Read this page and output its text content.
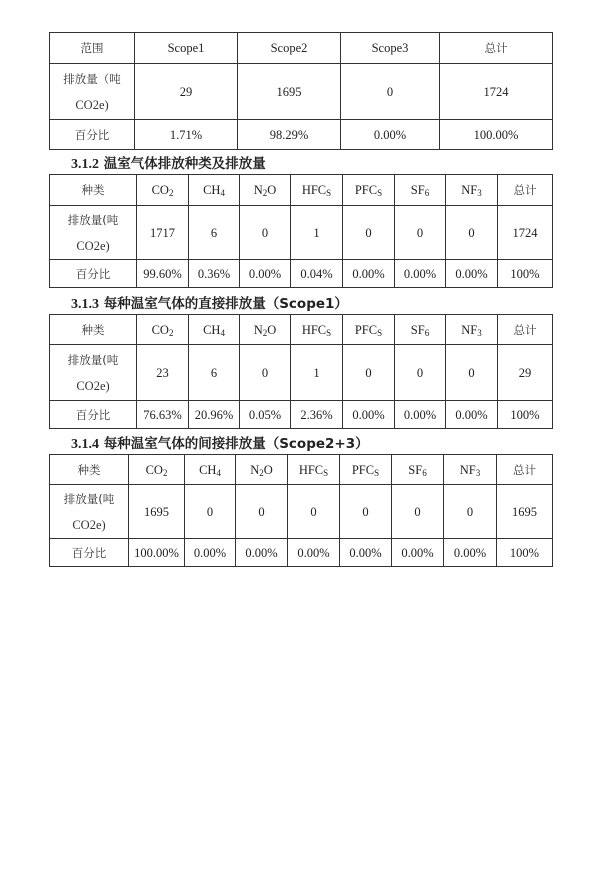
范围	Scope1	Scope2	Scope3	总计

排放量（吨
CO2e)	29	1695	0	1724
百分比	1.71%	98.29%	0.00%	100.00%
3.1.2 温室气体排放种类及排放量
种类	$CO_2$	$CH_4$	$N_2O$	$HFC_S$	$PFC_S$	$SF_6$	$NF_3$	总计

排放量(吨
CO2e)	1717	6	0	1	0	0	0	1724
百分比	99.60%	0.36%	0.00%	0.04%	0.00%	0.00%	0.00%	100%
3.1.3 每种温室气体的直接排放量（Scope1）
种类	$CO_2$	$CH_4$	$N_2O$	$HFC_S$	$PFC_S$	$SF_6$	$NF_3$	总计

排放量(吨
CO2e)	23	6	0	1	0	0	0	29
百分比	76.63%	20.96%	0.05%	2.36%	0.00%	0.00%	0.00%	100%
3.1.4 每种温室气体的间接排放量（Scope2+3）
种类	$CO_2$	$CH_4$	$N_2O$	$HFC_S$	$PFC_S$	$SF_6$	$NF_3$	总计

排放量(吨
CO2e)	1695	0	0	0	0	0	0	1695
百分比	100.00%	0.00%	0.00%	0.00%	0.00%	0.00%	0.00%	100%
